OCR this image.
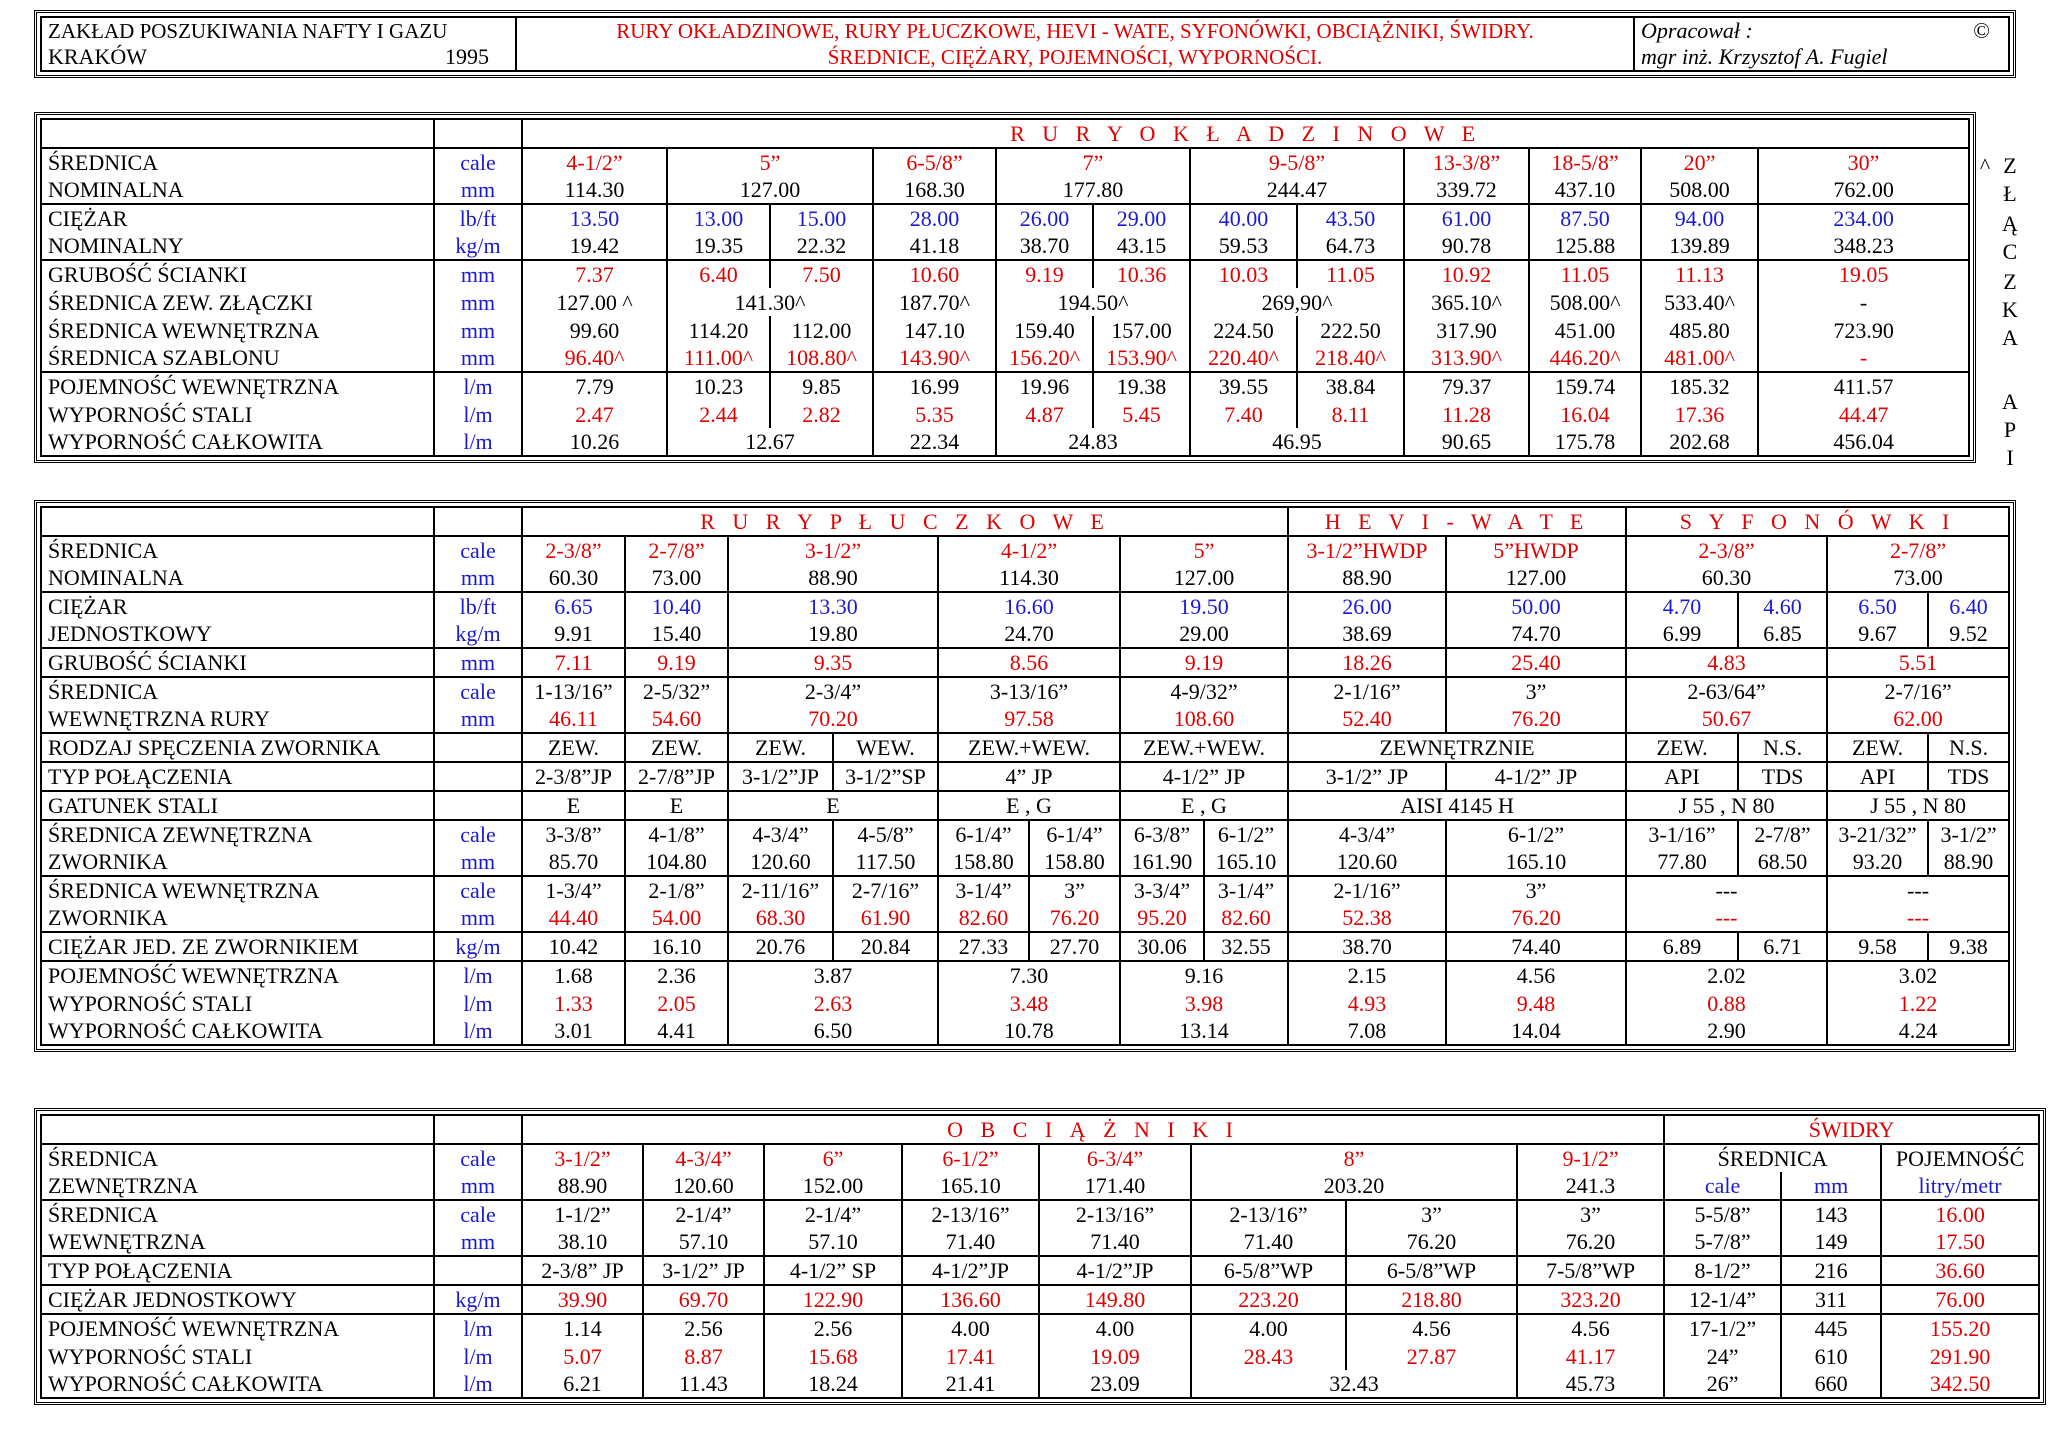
ZAKŁAD POSZUKIWANIA NAFTY I GAZU	RURY OKŁADZINOWE, RURY PŁUCZKOWE, HEVI - WATE, SYFONÓWKI, OBCIĄŻNIKI, ŚWIDRY.	Opracował : ©

KRAKÓW 1995	ŚREDNICE, CIĘŻARY, POJEMNOŚCI, WYPORNOŚCI.	mgr inż. Krzysztof A. Fugiel
		R U R Y O K Ł A D Z I N O W E											
ŚREDNICA	cale	4-1/2”	5”		6-5/8”	7”		9-5/8”		13-3/8”	18-5/8”	20”	30”
NOMINALNA	mm	114.30	127.00		168.30	177.80		244.47		339.72	437.10	508.00	762.00
CIĘŻAR	lb/ft	13.50	13.00	15.00	28.00	26.00	29.00	40.00	43.50	61.00	87.50	94.00	234.00
NOMINALNY	kg/m	19.42	19.35	22.32	41.18	38.70	43.15	59.53	64.73	90.78	125.88	139.89	348.23
GRUBOŚĆ ŚCIANKI	mm	7.37	6.40	7.50	10.60	9.19	10.36	10.03	11.05	10.92	11.05	11.13	19.05
ŚREDNICA ZEW. ZŁĄCZKI	mm	127.00 ^	141.30^		187.70^	194.50^		269,90^		365.10^	508.00^	533.40^	-
ŚREDNICA WEWNĘTRZNA	mm	99.60	114.20	112.00	147.10	159.40	157.00	224.50	222.50	317.90	451.00	485.80	723.90
ŚREDNICA SZABLONU	mm	96.40^	111.00^	108.80^	143.90^	156.20^	153.90^	220.40^	218.40^	313.90^	446.20^	481.00^	-
POJEMNOŚĆ WEWNĘTRZNA	l/m	7.79	10.23	9.85	16.99	19.96	19.38	39.55	38.84	79.37	159.74	185.32	411.57
WYPORNOŚĆ STALI	l/m	2.47	2.44	2.82	5.35	4.87	5.45	7.40	8.11	11.28	16.04	17.36	44.47
WYPORNOŚĆ CAŁKOWITA	l/m	10.26	12.67		22.34	24.83		46.95		90.65	175.78	202.68	456.04
^ Z
Ł
Ą
C
Z
K
A
A
P
I
		R U R Y P Ł U C Z K O W E								H E V I - W A T E		S Y F O N Ó W K I			
ŚREDNICA	cale	2-3/8”	2-7/8”	3-1/2”		4-1/2”		5”		3-1/2”HWDP	5”HWDP	2-3/8”		2-7/8”	
NOMINALNA	mm	60.30	73.00	88.90		114.30		127.00		88.90	127.00	60.30		73.00	
CIĘŻAR	lb/ft	6.65	10.40	13.30		16.60		19.50		26.00	50.00	4.70	4.60	6.50	6.40
JEDNOSTKOWY	kg/m	9.91	15.40	19.80		24.70		29.00		38.69	74.70	6.99	6.85	9.67	9.52
GRUBOŚĆ ŚCIANKI	mm	7.11	9.19	9.35		8.56		9.19		18.26	25.40	4.83		5.51	
ŚREDNICA	cale	1-13/16”	2-5/32”	2-3/4”		3-13/16”		4-9/32”		2-1/16”	3”	2-63/64”		2-7/16”	
WEWNĘTRZNA RURY	mm	46.11	54.60	70.20		97.58		108.60		52.40	76.20	50.67		62.00	
RODZAJ SPĘCZENIA ZWORNIKA		ZEW.	ZEW.	ZEW.	WEW.	ZEW.+WEW.		ZEW.+WEW.		ZEWNĘTRZNIE		ZEW.	N.S.	ZEW.	N.S.
TYP POŁĄCZENIA		2-3/8”JP	2-7/8”JP	3-1/2”JP	3-1/2”SP	4” JP		4-1/2” JP		3-1/2” JP	4-1/2” JP	API	TDS	API	TDS
GATUNEK STALI		E	E	E		E , G		E , G		AISI 4145 H		J 55 , N 80		J 55 , N 80	
ŚREDNICA ZEWNĘTRZNA	cale	3-3/8”	4-1/8”	4-3/4”	4-5/8”	6-1/4”	6-1/4”	6-3/8”	6-1/2”	4-3/4”	6-1/2”	3-1/16”	2-7/8”	3-21/32”	3-1/2”
ZWORNIKA	mm	85.70	104.80	120.60	117.50	158.80	158.80	161.90	165.10	120.60	165.10	77.80	68.50	93.20	88.90
ŚREDNICA WEWNĘTRZNA	cale	1-3/4”	2-1/8”	2-11/16”	2-7/16”	3-1/4”	3”	3-3/4”	3-1/4”	2-1/16”	3”	---		---	
ZWORNIKA	mm	44.40	54.00	68.30	61.90	82.60	76.20	95.20	82.60	52.38	76.20	---		---	
CIĘŻAR JED. ZE ZWORNIKIEM	kg/m	10.42	16.10	20.76	20.84	27.33	27.70	30.06	32.55	38.70	74.40	6.89	6.71	9.58	9.38
POJEMNOŚĆ WEWNĘTRZNA	l/m	1.68	2.36	3.87		7.30		9.16		2.15	4.56	2.02		3.02	
WYPORNOŚĆ STALI	l/m	1.33	2.05	2.63		3.48		3.98		4.93	9.48	0.88		1.22	
WYPORNOŚĆ CAŁKOWITA	l/m	3.01	4.41	6.50		10.78		13.14		7.08	14.04	2.90		4.24	
		O B C I Ą Ż N I K I								ŚWIDRY		
ŚREDNICA	cale	3-1/2”	4-3/4”	6”	6-1/2”	6-3/4”	8”		9-1/2”	ŚREDNICA		POJEMNOŚĆ
ZEWNĘTRZNA	mm	88.90	120.60	152.00	165.10	171.40	203.20		241.3	cale	mm	litry/metr
ŚREDNICA	cale	1-1/2”	2-1/4”	2-1/4”	2-13/16”	2-13/16”	2-13/16”	3”	3”	5-5/8”	143	16.00
WEWNĘTRZNA	mm	38.10	57.10	57.10	71.40	71.40	71.40	76.20	76.20	5-7/8”	149	17.50
TYP POŁĄCZENIA		2-3/8” JP	3-1/2” JP	4-1/2” SP	4-1/2”JP	4-1/2”JP	6-5/8”WP	6-5/8”WP	7-5/8”WP	8-1/2”	216	36.60
CIĘŻAR JEDNOSTKOWY	kg/m	39.90	69.70	122.90	136.60	149.80	223.20	218.80	323.20	12-1/4”	311	76.00
POJEMNOŚĆ WEWNĘTRZNA	l/m	1.14	2.56	2.56	4.00	4.00	4.00	4.56	4.56	17-1/2”	445	155.20
WYPORNOŚĆ STALI	l/m	5.07	8.87	15.68	17.41	19.09	28.43	27.87	41.17	24”	610	291.90
WYPORNOŚĆ CAŁKOWITA	l/m	6.21	11.43	18.24	21.41	23.09	32.43		45.73	26”	660	342.50
